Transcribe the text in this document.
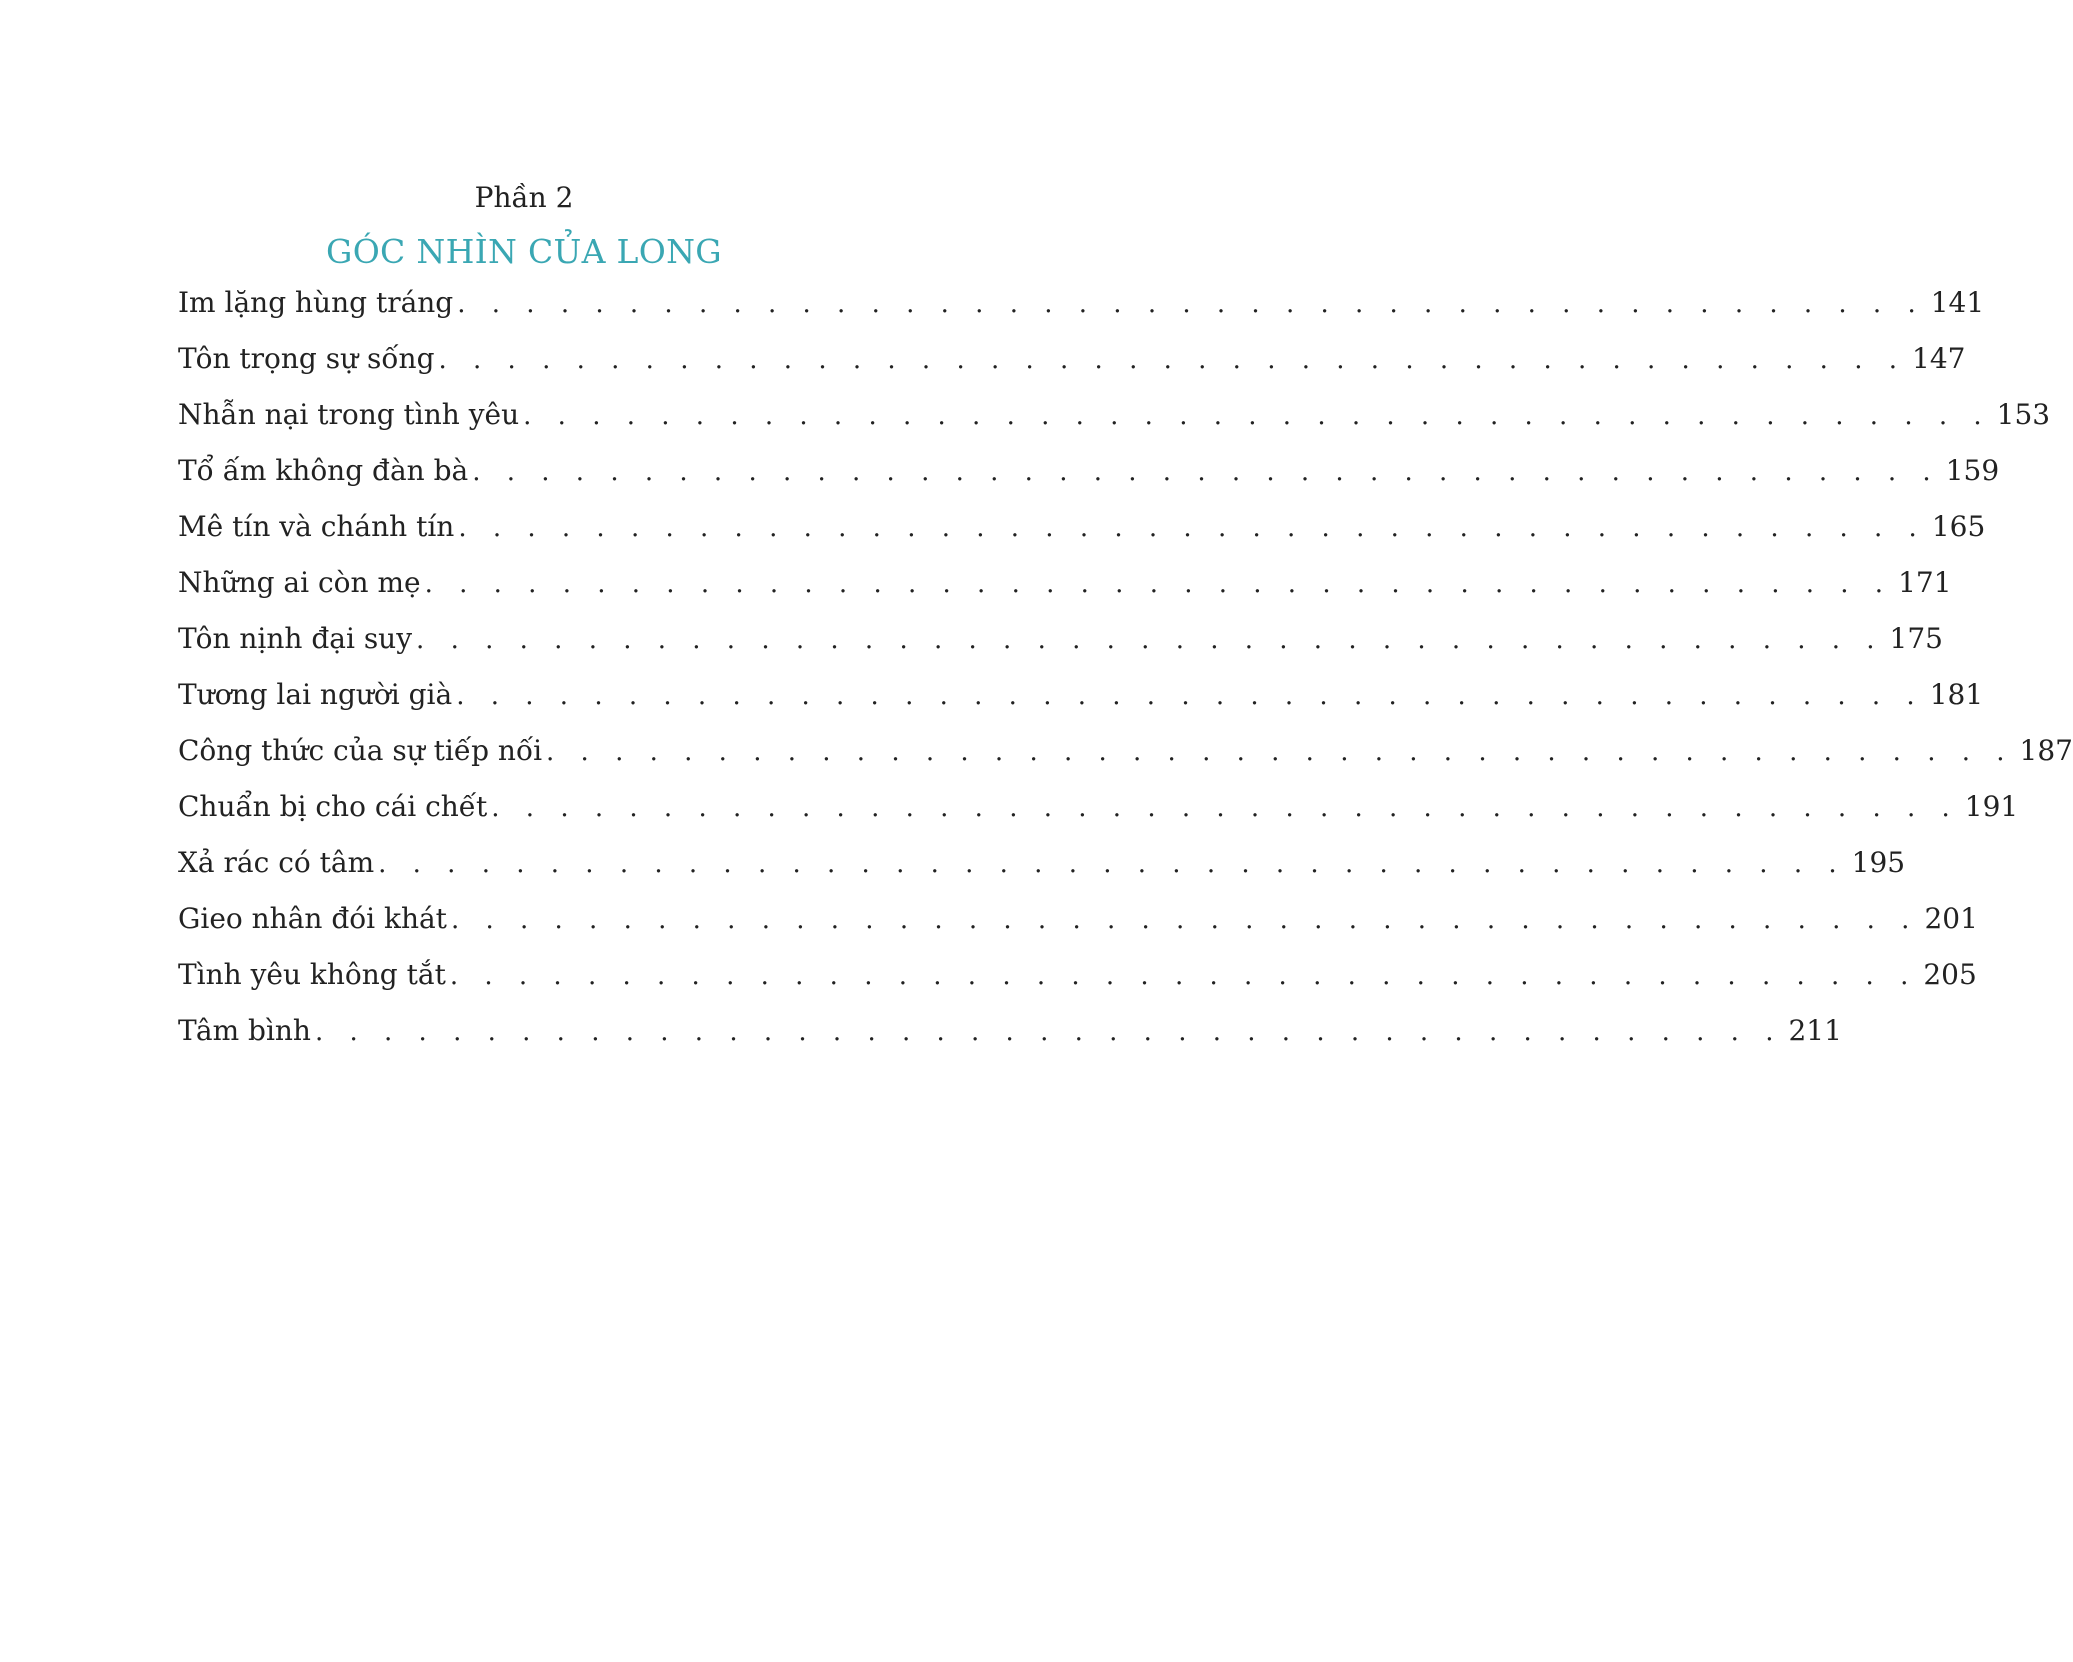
Phần 2
GÓC NHÌN CỦA LONG
Im lặng hùng tráng . . . . . . . . . . . . . . . . . . . . . . . . . . . . . . . . . . . . . . . . . . . 141
Tôn trọng sự sống . . . . . . . . . . . . . . . . . . . . . . . . . . . . . . . . . . . . . . . . . . . 147
Nhẫn nại trong tình yêu . . . . . . . . . . . . . . . . . . . . . . . . . . . . . . . . . . . . . . . . . . . 153
Tổ ấm không đàn bà . . . . . . . . . . . . . . . . . . . . . . . . . . . . . . . . . . . . . . . . . . . 159
Mê tín và chánh tín . . . . . . . . . . . . . . . . . . . . . . . . . . . . . . . . . . . . . . . . . . . 165
Những ai còn mẹ . . . . . . . . . . . . . . . . . . . . . . . . . . . . . . . . . . . . . . . . . . . 171
Tôn nịnh đại suy . . . . . . . . . . . . . . . . . . . . . . . . . . . . . . . . . . . . . . . . . . . 175
Tương lai người già . . . . . . . . . . . . . . . . . . . . . . . . . . . . . . . . . . . . . . . . . . . 181
Công thức của sự tiếp nối . . . . . . . . . . . . . . . . . . . . . . . . . . . . . . . . . . . . . . . . . . . 187
Chuẩn bị cho cái chết . . . . . . . . . . . . . . . . . . . . . . . . . . . . . . . . . . . . . . . . . . . 191
Xả rác có tâm . . . . . . . . . . . . . . . . . . . . . . . . . . . . . . . . . . . . . . . . . . . 195
Gieo nhân đói khát . . . . . . . . . . . . . . . . . . . . . . . . . . . . . . . . . . . . . . . . . . . 201
Tình yêu không tắt . . . . . . . . . . . . . . . . . . . . . . . . . . . . . . . . . . . . . . . . . . . 205
Tâm bình . . . . . . . . . . . . . . . . . . . . . . . . . . . . . . . . . . . . . . . . . . . 211
